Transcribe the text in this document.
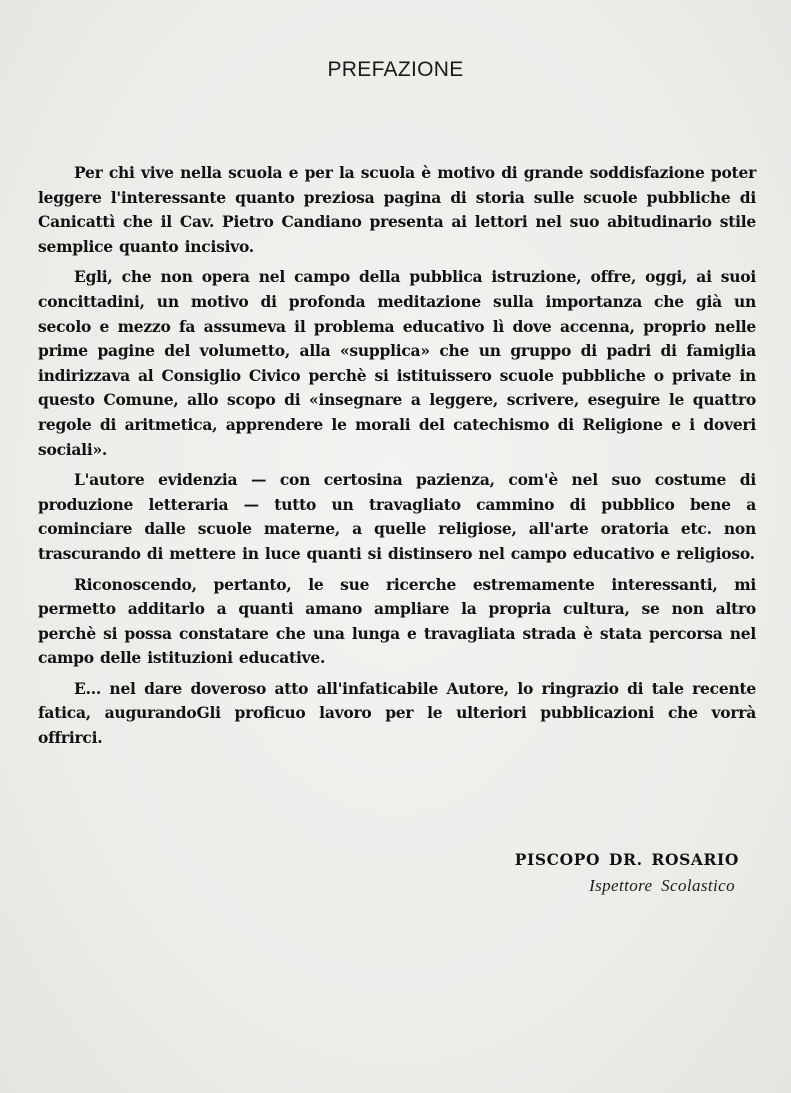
PREFAZIONE

Per chi vive nella scuola e per la scuola è motivo di grande soddisfazione poter leggere l'interessante quanto preziosa pagina di storia sulle scuole pubbliche di Canicattì che il Cav. Pietro Candiano presenta ai lettori nel suo abitudinario stile semplice quanto incisivo.

Egli, che non opera nel campo della pubblica istruzione, offre, oggi, ai suoi concittadini, un motivo di profonda meditazione sulla importanza che già un secolo e mezzo fa assumeva il problema educativo lì dove accenna, proprio nelle prime pagine del volumetto, alla «supplica» che un gruppo di padri di famiglia indirizzava al Consiglio Civico perchè si istituissero scuole pubbliche o private in questo Comune, allo scopo di «insegnare a leggere, scrivere, eseguire le quattro regole di aritmetica, apprendere le morali del catechismo di Religione e i doveri sociali».

L'autore evidenzia — con certosina pazienza, com'è nel suo costume di produzione letteraria — tutto un travagliato cammino di pubblico bene a cominciare dalle scuole materne, a quelle religiose, all'arte oratoria etc. non trascurando di mettere in luce quanti si distinsero nel campo educativo e religioso.

Riconoscendo, pertanto, le sue ricerche estremamente interessanti, mi permetto additarlo a quanti amano ampliare la propria cultura, se non altro perchè si possa constatare che una lunga e travagliata strada è stata percorsa nel campo delle istituzioni educative.

E... nel dare doveroso atto all'infaticabile Autore, lo ringrazio di tale recente fatica, augurandoGli proficuo lavoro per le ulteriori pubblicazioni che vorrà offrirci.

PISCOPO DR. ROSARIO
Ispettore Scolastico
